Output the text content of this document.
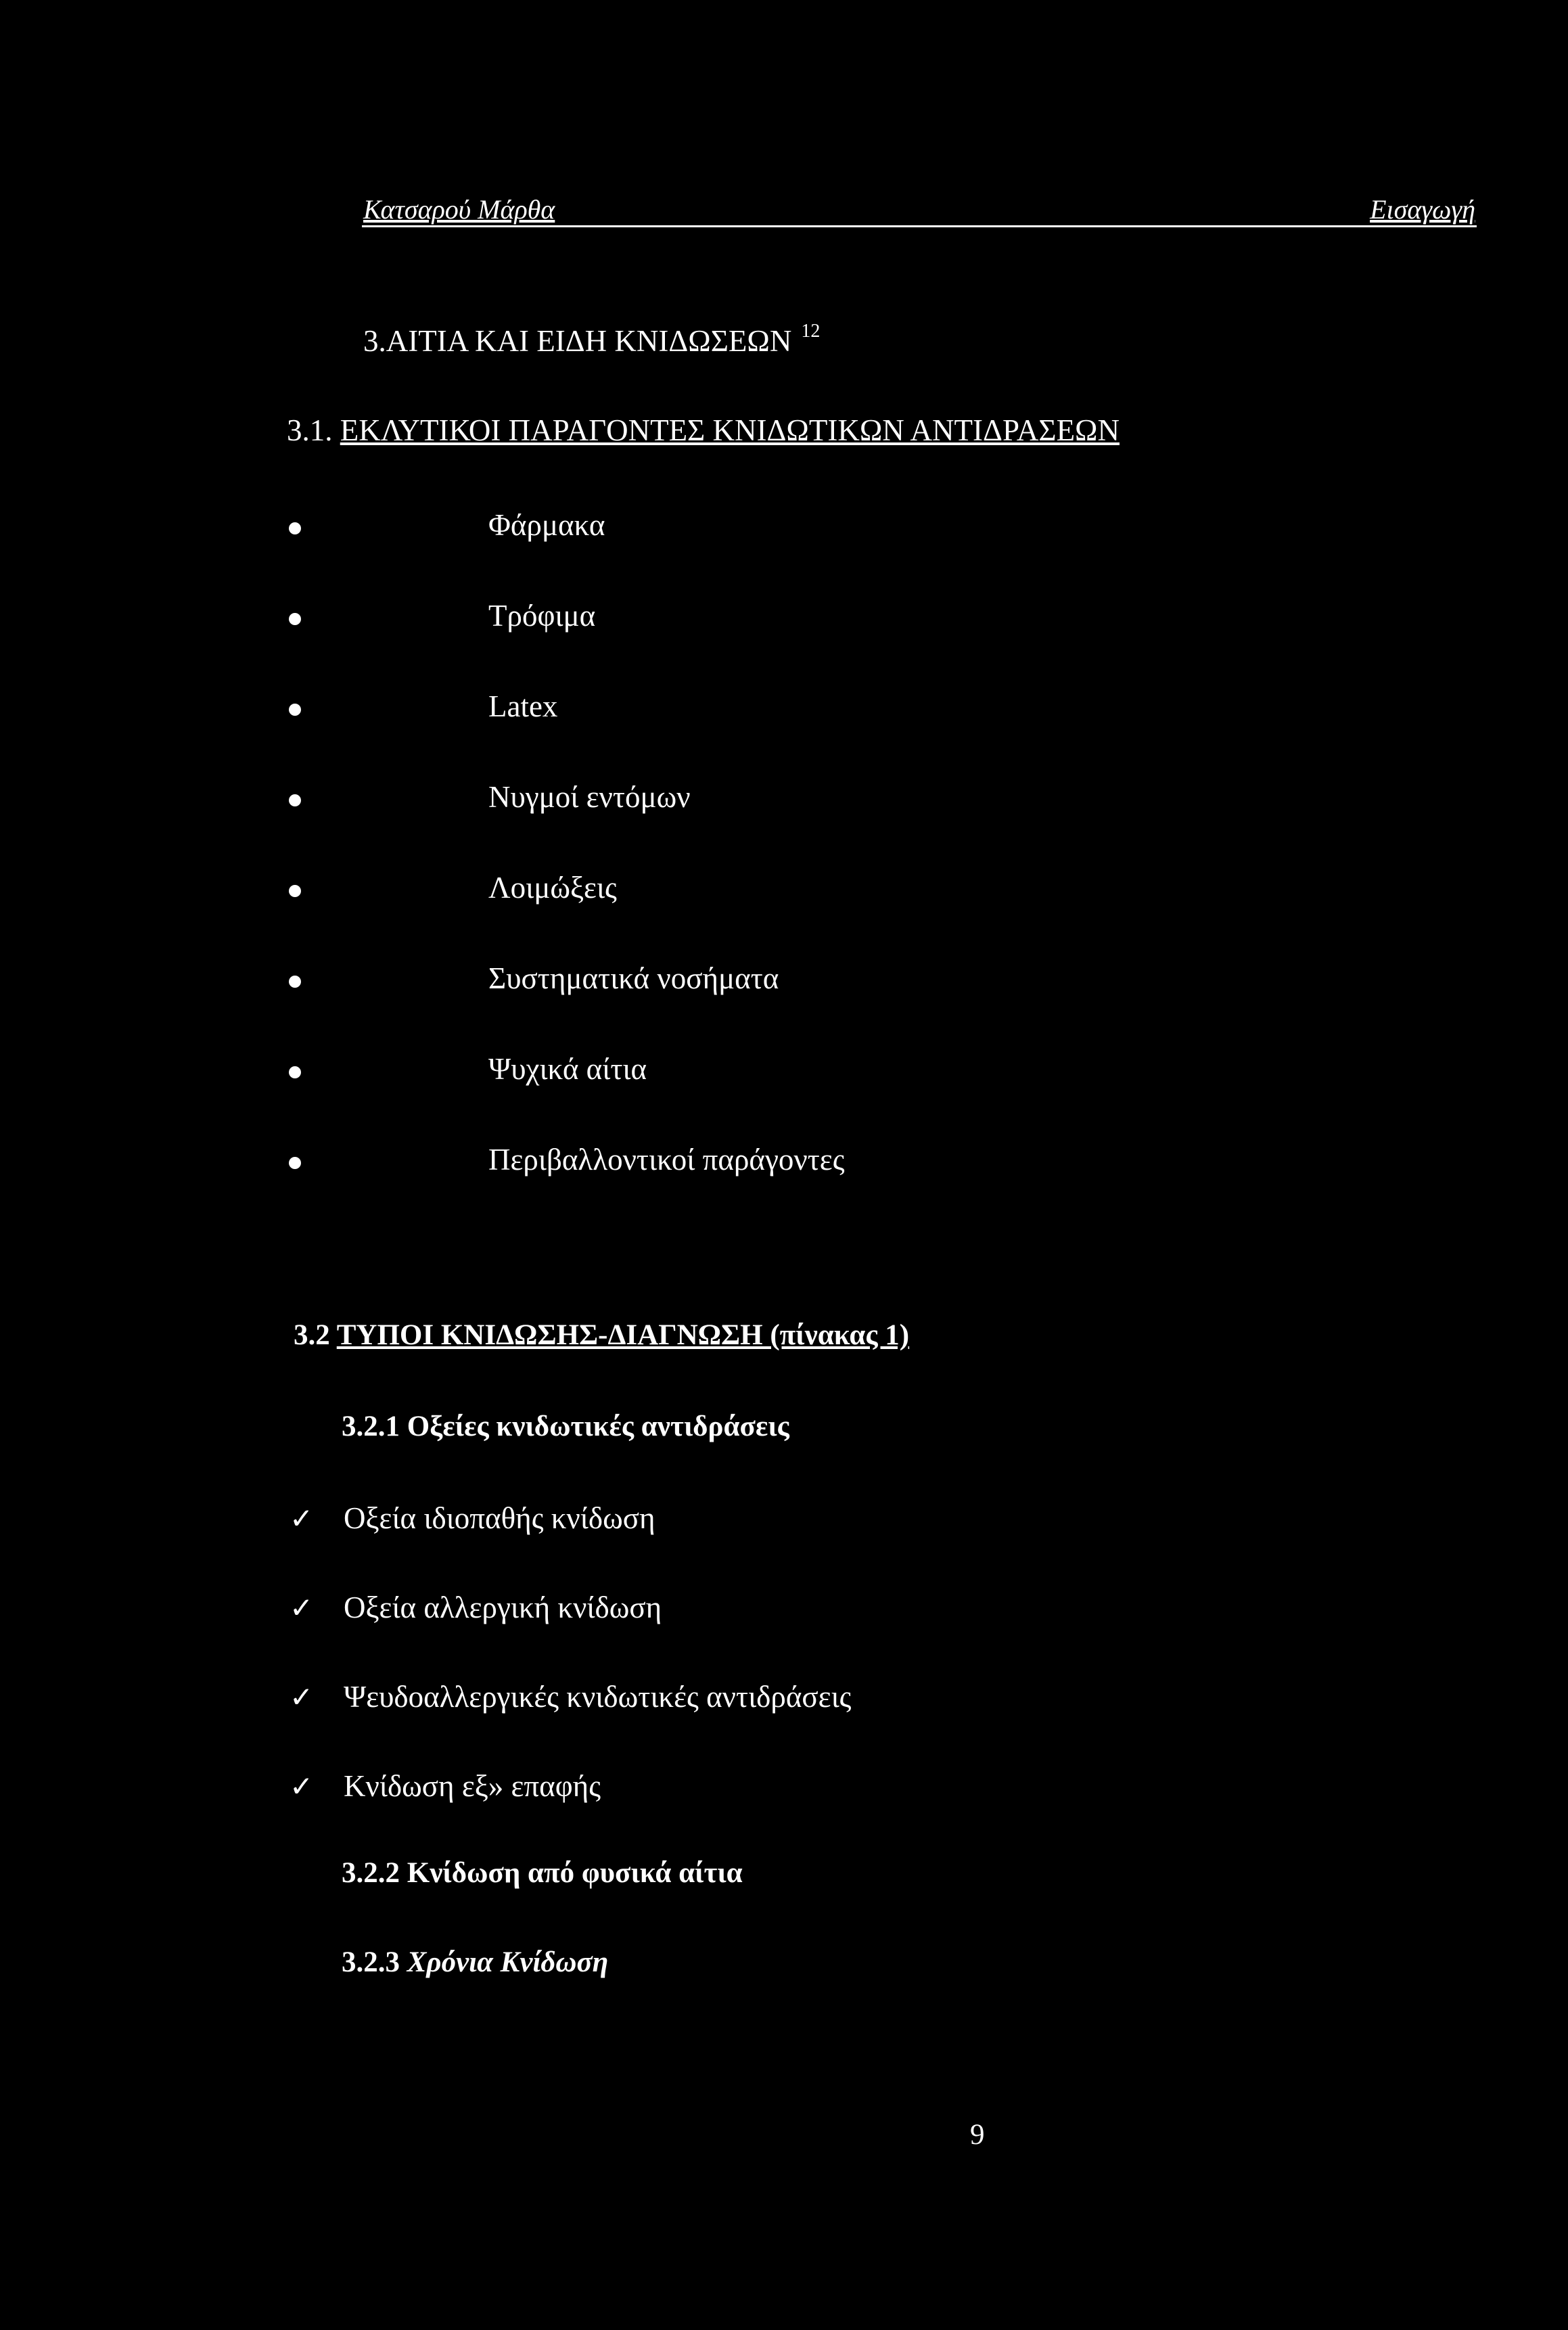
Κατσαρού Μάρθα	Εισαγωγή
3.ΑΙΤΙΑ ΚΑΙ ΕΙΔΗ ΚΝΙΔΩΣΕΩΝ $^{12}$
3.1. ΕΚΛΥΤΙΚΟΙ ΠΑΡΑΓΟΝΤΕΣ ΚΝΙΔΩΤΙΚΩΝ ΑΝΤΙΔΡΑΣΕΩΝ
Φάρμακα
Τρόφιμα
Latex
Νυγμοί εντόμων
Λοιμώξεις
Συστηματικά νοσήματα
Ψυχικά αίτια
Περιβαλλοντικοί παράγοντες
3.2 ΤΥΠΟΙ ΚΝΙΔΩΣΗΣ-ΔΙΑΓΝΩΣΗ (πίνακας 1)
3.2.1 Οξείες κνιδωτικές αντιδράσεις
✓ Οξεία ιδιοπαθής κνίδωση
✓ Οξεία αλλεργική κνίδωση
✓ Ψευδοαλλεργικές κνιδωτικές αντιδράσεις
✓ Κνίδωση εξ» επαφής
3.2.2 Κνίδωση από φυσικά αίτια
3.2.3 Χρόνια Κνίδωση
9
